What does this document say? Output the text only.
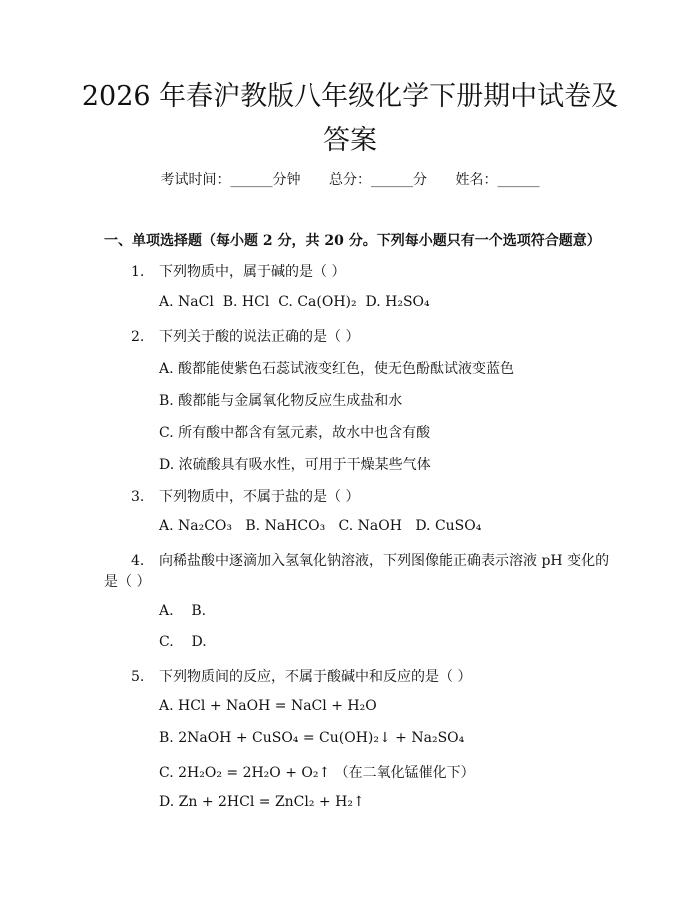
2026 年春沪教版八年级化学下册期中试卷及
答案
考试时间：______分钟 总分：______分 姓名：______
一、单项选择题（每小题 2 分，共 20 分。下列每小题只有一个选项符合题意）
1. 下列物质中，属于碱的是（ ）
A. NaCl B. HCl C. Ca(OH)₂ D. H₂SO₄
2. 下列关于酸的说法正确的是（ ）
A. 酸都能使紫色石蕊试液变红色，使无色酚酞试液变蓝色
B. 酸都能与金属氧化物反应生成盐和水
C. 所有酸中都含有氢元素，故水中也含有酸
D. 浓硫酸具有吸水性，可用于干燥某些气体
3. 下列物质中，不属于盐的是（ ）
A. Na₂CO₃ B. NaHCO₃ C. NaOH D. CuSO₄
4. 向稀盐酸中逐滴加入氢氧化钠溶液，下列图像能正确表示溶液 pH 变化的
是（ ）
A. B.
C. D.
5. 下列物质间的反应，不属于酸碱中和反应的是（ ）
A. HCl + NaOH = NaCl + H₂O
B. 2NaOH + CuSO₄ = Cu(OH)₂↓ + Na₂SO₄
C. 2H₂O₂ = 2H₂O + O₂↑ （在二氧化锰催化下）
D. Zn + 2HCl = ZnCl₂ + H₂↑
